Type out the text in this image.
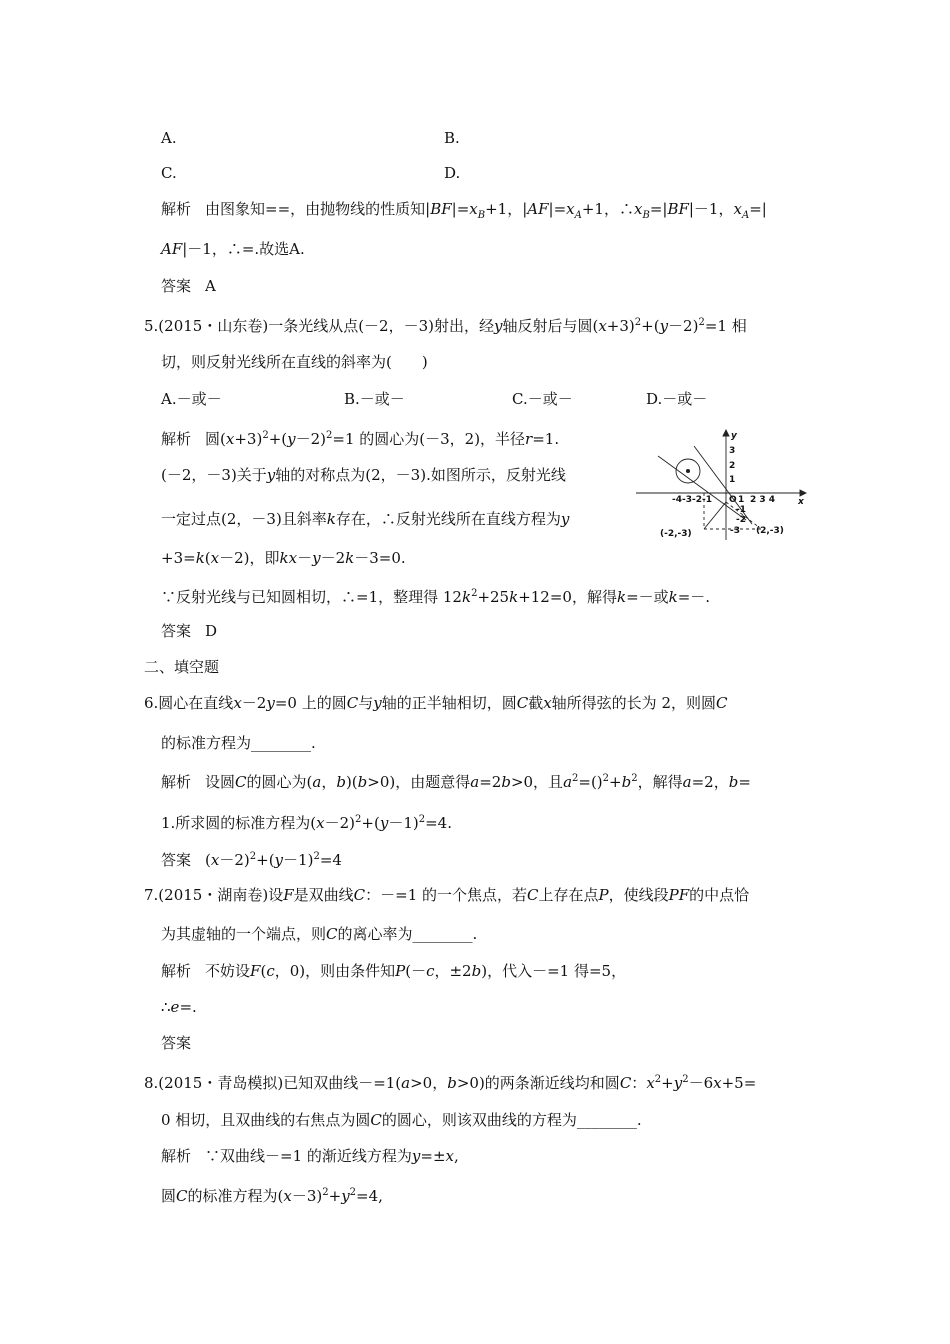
A.	B.
C.	D.
解析 由图象知==，由抛物线的性质知$|BF|=x_B+1$，$|AF|=x_A+1$，$\therefore x_B=|BF|-1$，$x_A=|$
AF|－1，∴=.故选A.
答案 A
5.(2015・山东卷)一条光线从点(－2，－3)射出，经y轴反射后与圆$(x+3)^2+(y-2)^2=1$ 相
切，则反射光线所在直线的斜率为(　　)
A.－或－	B.－或－	C.－或－	D.－或－
解析 圆$(x+3)^2+(y-2)^2=1$ 的圆心为(－3，2)，半径r=1.
(－2，－3)关于y轴的对称点为(2，－3).如图所示，反射光线
一定过点(2，－3)且斜率k存在，∴反射光线所在直线方程为y
+3=k(x－2)，即kx－y－2k－3=0.
∵反射光线与已知圆相切，∴=1，整理得 $12k^2+25k+12=0$，解得k=－或k=－.
答案 D
y
x
3
2
1
-4-3-2-1 O 1 2 3 4
-1
-2
-3
(-2,-3)	(2,-3)
二、填空题
6.圆心在直线x－2y=0 上的圆C与y轴的正半轴相切，圆C截x轴所得弦的长为 2，则圆C
的标准方程为________.
解析 设圆C的圆心为(a，b)(b>0)，由题意得a=2b>0，且$a^2=()^2+b^2$，解得a=2，b=
1.所求圆的标准方程为$(x-2)^2+(y-1)^2=4$.
答案 $(x-2)^2+(y-1)^2=4$
7.(2015・湖南卷)设F是双曲线C：－=1 的一个焦点，若C上存在点P，使线段PF的中点恰
为其虚轴的一个端点，则C的离心率为________.
解析 不妨设F(c，0)，则由条件知P(－c，±2b)，代入－=1 得=5，
∴e=.
答案
8.(2015・青岛模拟)已知双曲线－=1(a>0，b>0)的两条渐近线均和圆C：$x^2+y^2-6x+5=$
0 相切，且双曲线的右焦点为圆C的圆心，则该双曲线的方程为________.
解析 ∵双曲线－=1 的渐近线方程为y=±x,
圆C的标准方程为$(x-3)^2+y^2=4$,
